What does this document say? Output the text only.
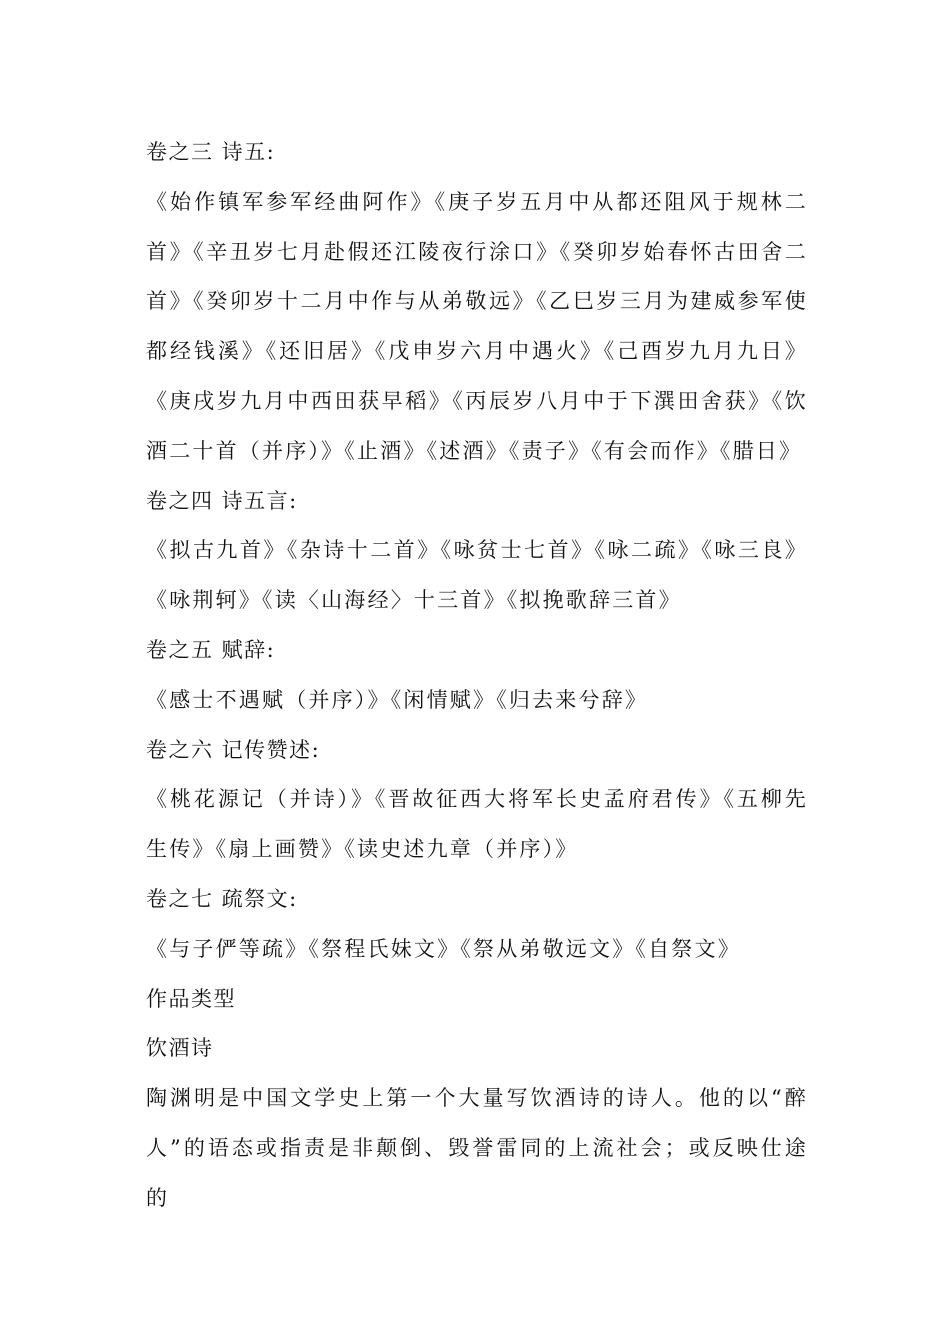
卷之三 诗五:

《始作镇军参军经曲阿作》《庚子岁五月中从都还阻风于规林二首》《辛丑岁七月赴假还江陵夜行涂口》《癸卯岁始春怀古田舍二首》《癸卯岁十二月中作与从弟敬远》《乙巳岁三月为建威参军使都经钱溪》《还旧居》《戊申岁六月中遇火》《己酉岁九月九日》《庚戌岁九月中西田获早稻》《丙辰岁八月中于下潠田舍获》《饮酒二十首（并序）》《止酒》《述酒》《责子》《有会而作》《腊日》

卷之四 诗五言:

《拟古九首》《杂诗十二首》《咏贫士七首》《咏二疏》《咏三良》《咏荆轲》《读〈山海经〉十三首》《拟挽歌辞三首》

卷之五 赋辞:

《感士不遇赋（并序）》《闲情赋》《归去来兮辞》

卷之六 记传赞述:

《桃花源记（并诗）》《晋故征西大将军长史孟府君传》《五柳先生传》《扇上画赞》《读史述九章（并序）》

卷之七 疏祭文:

《与子俨等疏》《祭程氏妹文》《祭从弟敬远文》《自祭文》

作品类型

饮酒诗

陶渊明是中国文学史上第一个大量写饮酒诗的诗人。他的以“醉人”的语态或指责是非颠倒、毁誉雷同的上流社会；或反映仕途的
